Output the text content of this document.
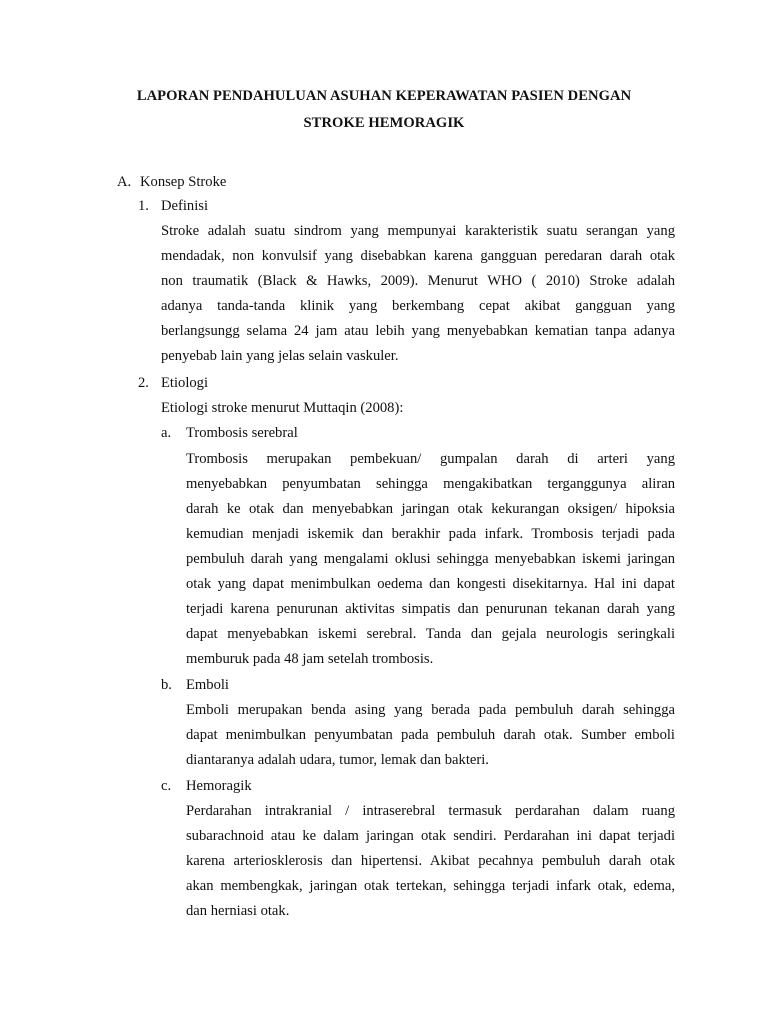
LAPORAN PENDAHULUAN ASUHAN KEPERAWATAN PASIEN DENGAN
STROKE HEMORAGIK
A. Konsep Stroke
1. Definisi
Stroke adalah suatu sindrom yang mempunyai karakteristik suatu serangan yang
mendadak, non konvulsif yang disebabkan karena gangguan peredaran darah otak
non traumatik (Black & Hawks, 2009). Menurut WHO ( 2010) Stroke adalah
adanya tanda-tanda klinik yang berkembang cepat akibat gangguan yang
berlangsungg selama 24 jam atau lebih yang menyebabkan kematian tanpa adanya
penyebab lain yang jelas selain vaskuler.
2. Etiologi
Etiologi stroke menurut Muttaqin (2008):
a. Trombosis serebral
Trombosis merupakan pembekuan/ gumpalan darah di arteri yang
menyebabkan penyumbatan sehingga mengakibatkan terganggunya aliran
darah ke otak dan menyebabkan jaringan otak kekurangan oksigen/ hipoksia
kemudian menjadi iskemik dan berakhir pada infark. Trombosis terjadi pada
pembuluh darah yang mengalami oklusi sehingga menyebabkan iskemi jaringan
otak yang dapat menimbulkan oedema dan kongesti disekitarnya. Hal ini dapat
terjadi karena penurunan aktivitas simpatis dan penurunan tekanan darah yang
dapat menyebabkan iskemi serebral. Tanda dan gejala neurologis seringkali
memburuk pada 48 jam setelah trombosis.
b. Emboli
Emboli merupakan benda asing yang berada pada pembuluh darah sehingga
dapat menimbulkan penyumbatan pada pembuluh darah otak. Sumber emboli
diantaranya adalah udara, tumor, lemak dan bakteri.
c. Hemoragik
Perdarahan intrakranial / intraserebral termasuk perdarahan dalam ruang
subarachnoid atau ke dalam jaringan otak sendiri. Perdarahan ini dapat terjadi
karena arteriosklerosis dan hipertensi. Akibat pecahnya pembuluh darah otak
akan membengkak, jaringan otak tertekan, sehingga terjadi infark otak, edema,
dan herniasi otak.
